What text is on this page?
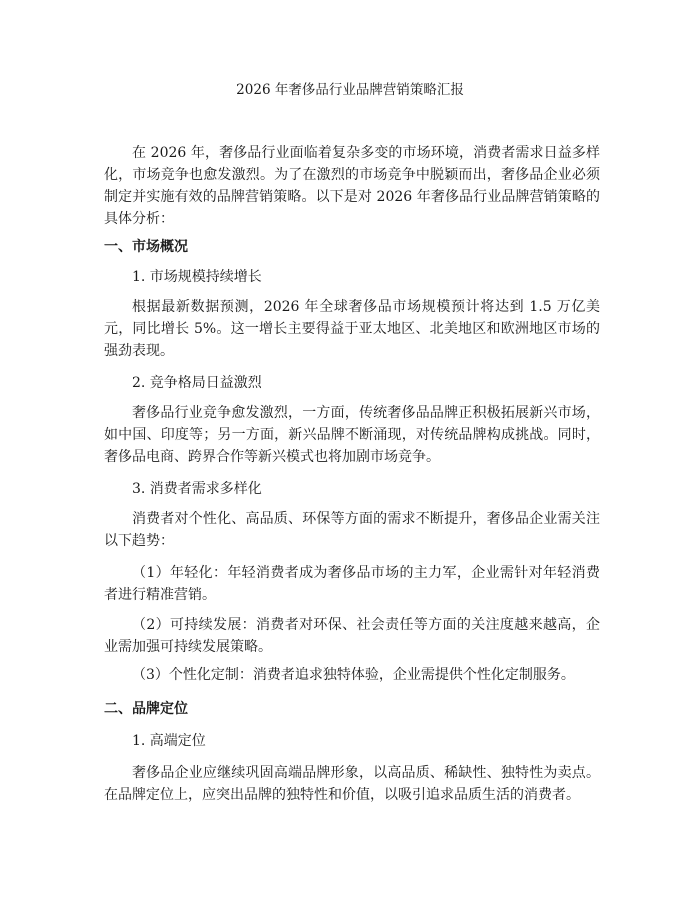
2026 年奢侈品行业品牌营销策略汇报

在 2026 年，奢侈品行业面临着复杂多变的市场环境，消费者需求日益多样化，市场竞争也愈发激烈。为了在激烈的市场竞争中脱颖而出，奢侈品企业必须制定并实施有效的品牌营销策略。以下是对 2026 年奢侈品行业品牌营销策略的具体分析：

一、市场概况

1. 市场规模持续增长

根据最新数据预测，2026 年全球奢侈品市场规模预计将达到 1.5 万亿美元，同比增长 5%。这一增长主要得益于亚太地区、北美地区和欧洲地区市场的强劲表现。

2. 竞争格局日益激烈

奢侈品行业竞争愈发激烈，一方面，传统奢侈品品牌正积极拓展新兴市场，如中国、印度等；另一方面，新兴品牌不断涌现，对传统品牌构成挑战。同时，奢侈品电商、跨界合作等新兴模式也将加剧市场竞争。

3. 消费者需求多样化

消费者对个性化、高品质、环保等方面的需求不断提升，奢侈品企业需关注以下趋势：

（1）年轻化：年轻消费者成为奢侈品市场的主力军，企业需针对年轻消费者进行精准营销。

（2）可持续发展：消费者对环保、社会责任等方面的关注度越来越高，企业需加强可持续发展策略。

（3）个性化定制：消费者追求独特体验，企业需提供个性化定制服务。

二、品牌定位

1. 高端定位

奢侈品企业应继续巩固高端品牌形象，以高品质、稀缺性、独特性为卖点。在品牌定位上，应突出品牌的独特性和价值，以吸引追求品质生活的消费者。
